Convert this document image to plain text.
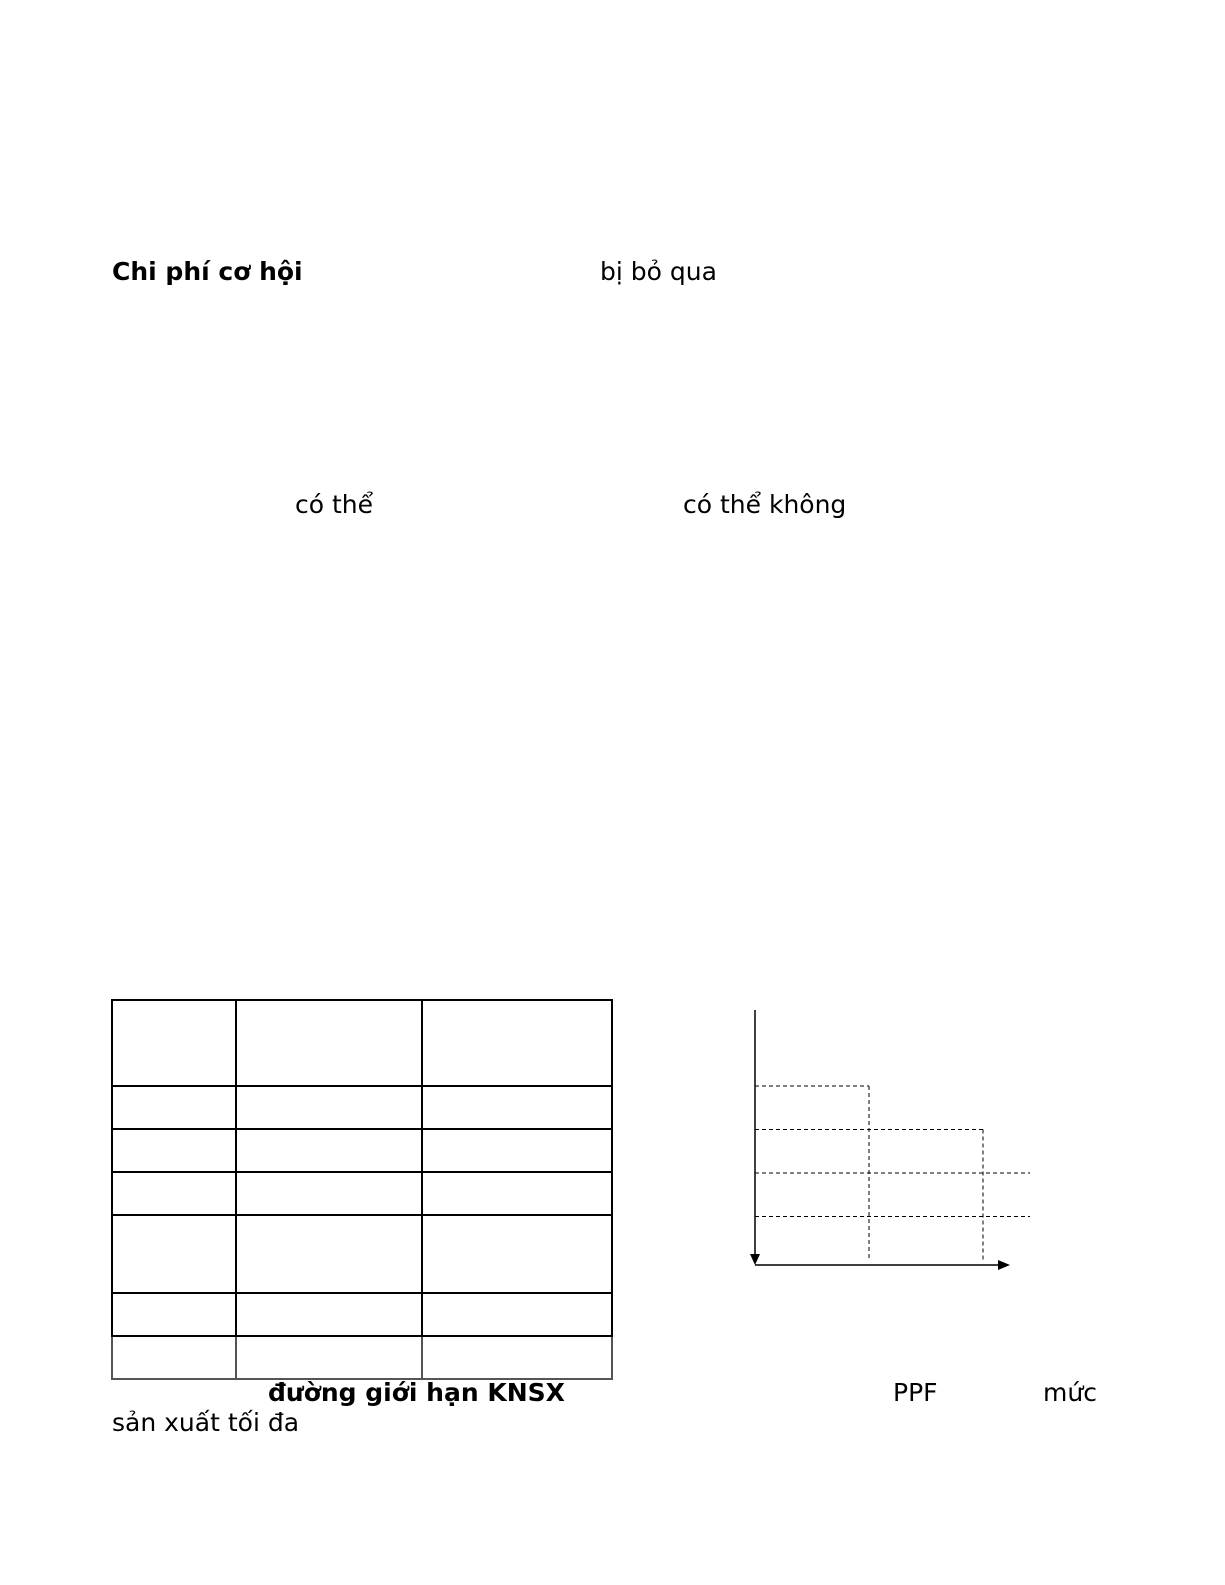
Chi phí cơ hội	bị bỏ qua
có thể	có thể không

đường giới hạn KNSX	PPF	mức
sản xuất tối đa
